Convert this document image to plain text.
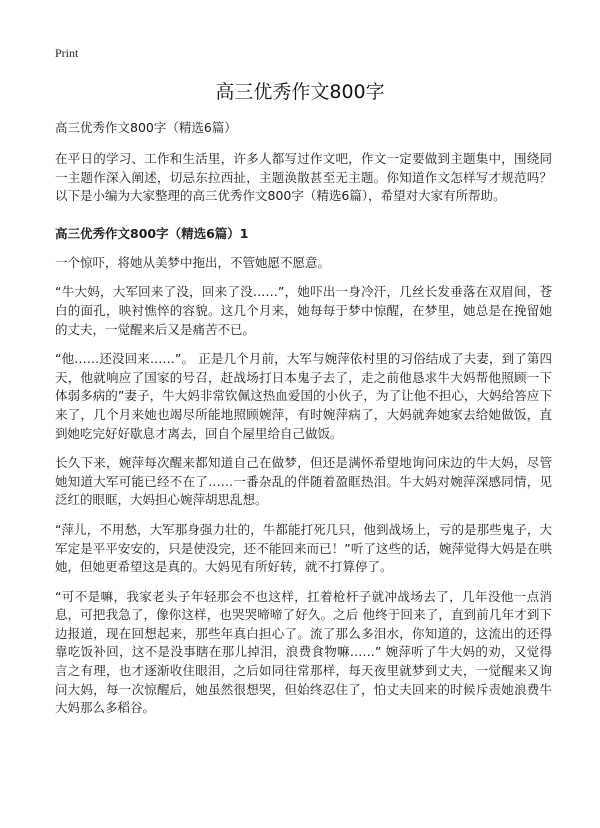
Print
高三优秀作文800字

高三优秀作文800字（精选6篇）

在平日的学习、工作和生活里，许多人都写过作文吧，作文一定要做到主题集中，围绕同一主题作深入阐述，切忌东拉西扯，主题涣散甚至无主题。你知道作文怎样写才规范吗？以下是小编为大家整理的高三优秀作文800字（精选6篇），希望对大家有所帮助。

高三优秀作文800字（精选6篇）1

一个惊吓，将她从美梦中拖出，不管她愿不愿意。

“牛大妈，大军回来了没，回来了没……”，她吓出一身冷汗，几丝长发垂落在双眉间，苍白的面孔，映衬憔悴的容貌。这几个月来，她每每于梦中惊醒，在梦里，她总是在挽留她的丈夫，一觉醒来后又是痛苦不已。

“他……还没回来……”。 正是几个月前，大军与婉萍依村里的习俗结成了夫妻，到了第四天，他就响应了国家的号召，赶战场打日本鬼子去了，走之前他恳求牛大妈帮他照顾一下体弱多病的”妻子，牛大妈非常钦佩这热血爱国的小伙子，为了让他不担心，大妈给答应下来了，几个月来她也竭尽所能地照顾婉萍，有时婉萍病了，大妈就奔她家去给她做饭，直到她吃完好好歇息才离去，回自个屋里给自己做饭。

长久下来，婉萍每次醒来都知道自己在做梦，但还是满怀希望地询问床边的牛大妈，尽管她知道大军可能已经不在了……一番杂乱的伴随着盈眶热泪。牛大妈对婉萍深感同情，见泛红的眼眶，大妈担心婉萍胡思乱想。

“萍儿，不用愁，大军那身强力壮的，牛都能打死几只，他到战场上，亏的是那些鬼子，大军定是平平安安的，只是使没完，还不能回来而已！”听了这些的话，婉萍觉得大妈是在哄她，但她更希望这是真的。大妈见有所好转，就不打算停了。

“可不是嘛，我家老头子年轻那会不也这样，扛着枪杆子就冲战场去了，几年没他一点消息，可把我急了，像你这样，也哭哭啼啼了好久。之后 他终于回来了，直到前几年才到下边报道，现在回想起来，那些年真白担心了。流了那么多泪水，你知道的，这流出的还得靠吃饭补回，这不是没事瞎在那儿掉泪，浪费食物嘛……” 婉萍听了牛大妈的劝，又觉得言之有理，也才逐渐收住眼泪，之后如同往常那样，每天夜里就梦到丈夫，一觉醒来又询问大妈，每一次惊醒后，她虽然很想哭，但始终忍住了，怕丈夫回来的时候斥责她浪费牛大妈那么多稻谷。
